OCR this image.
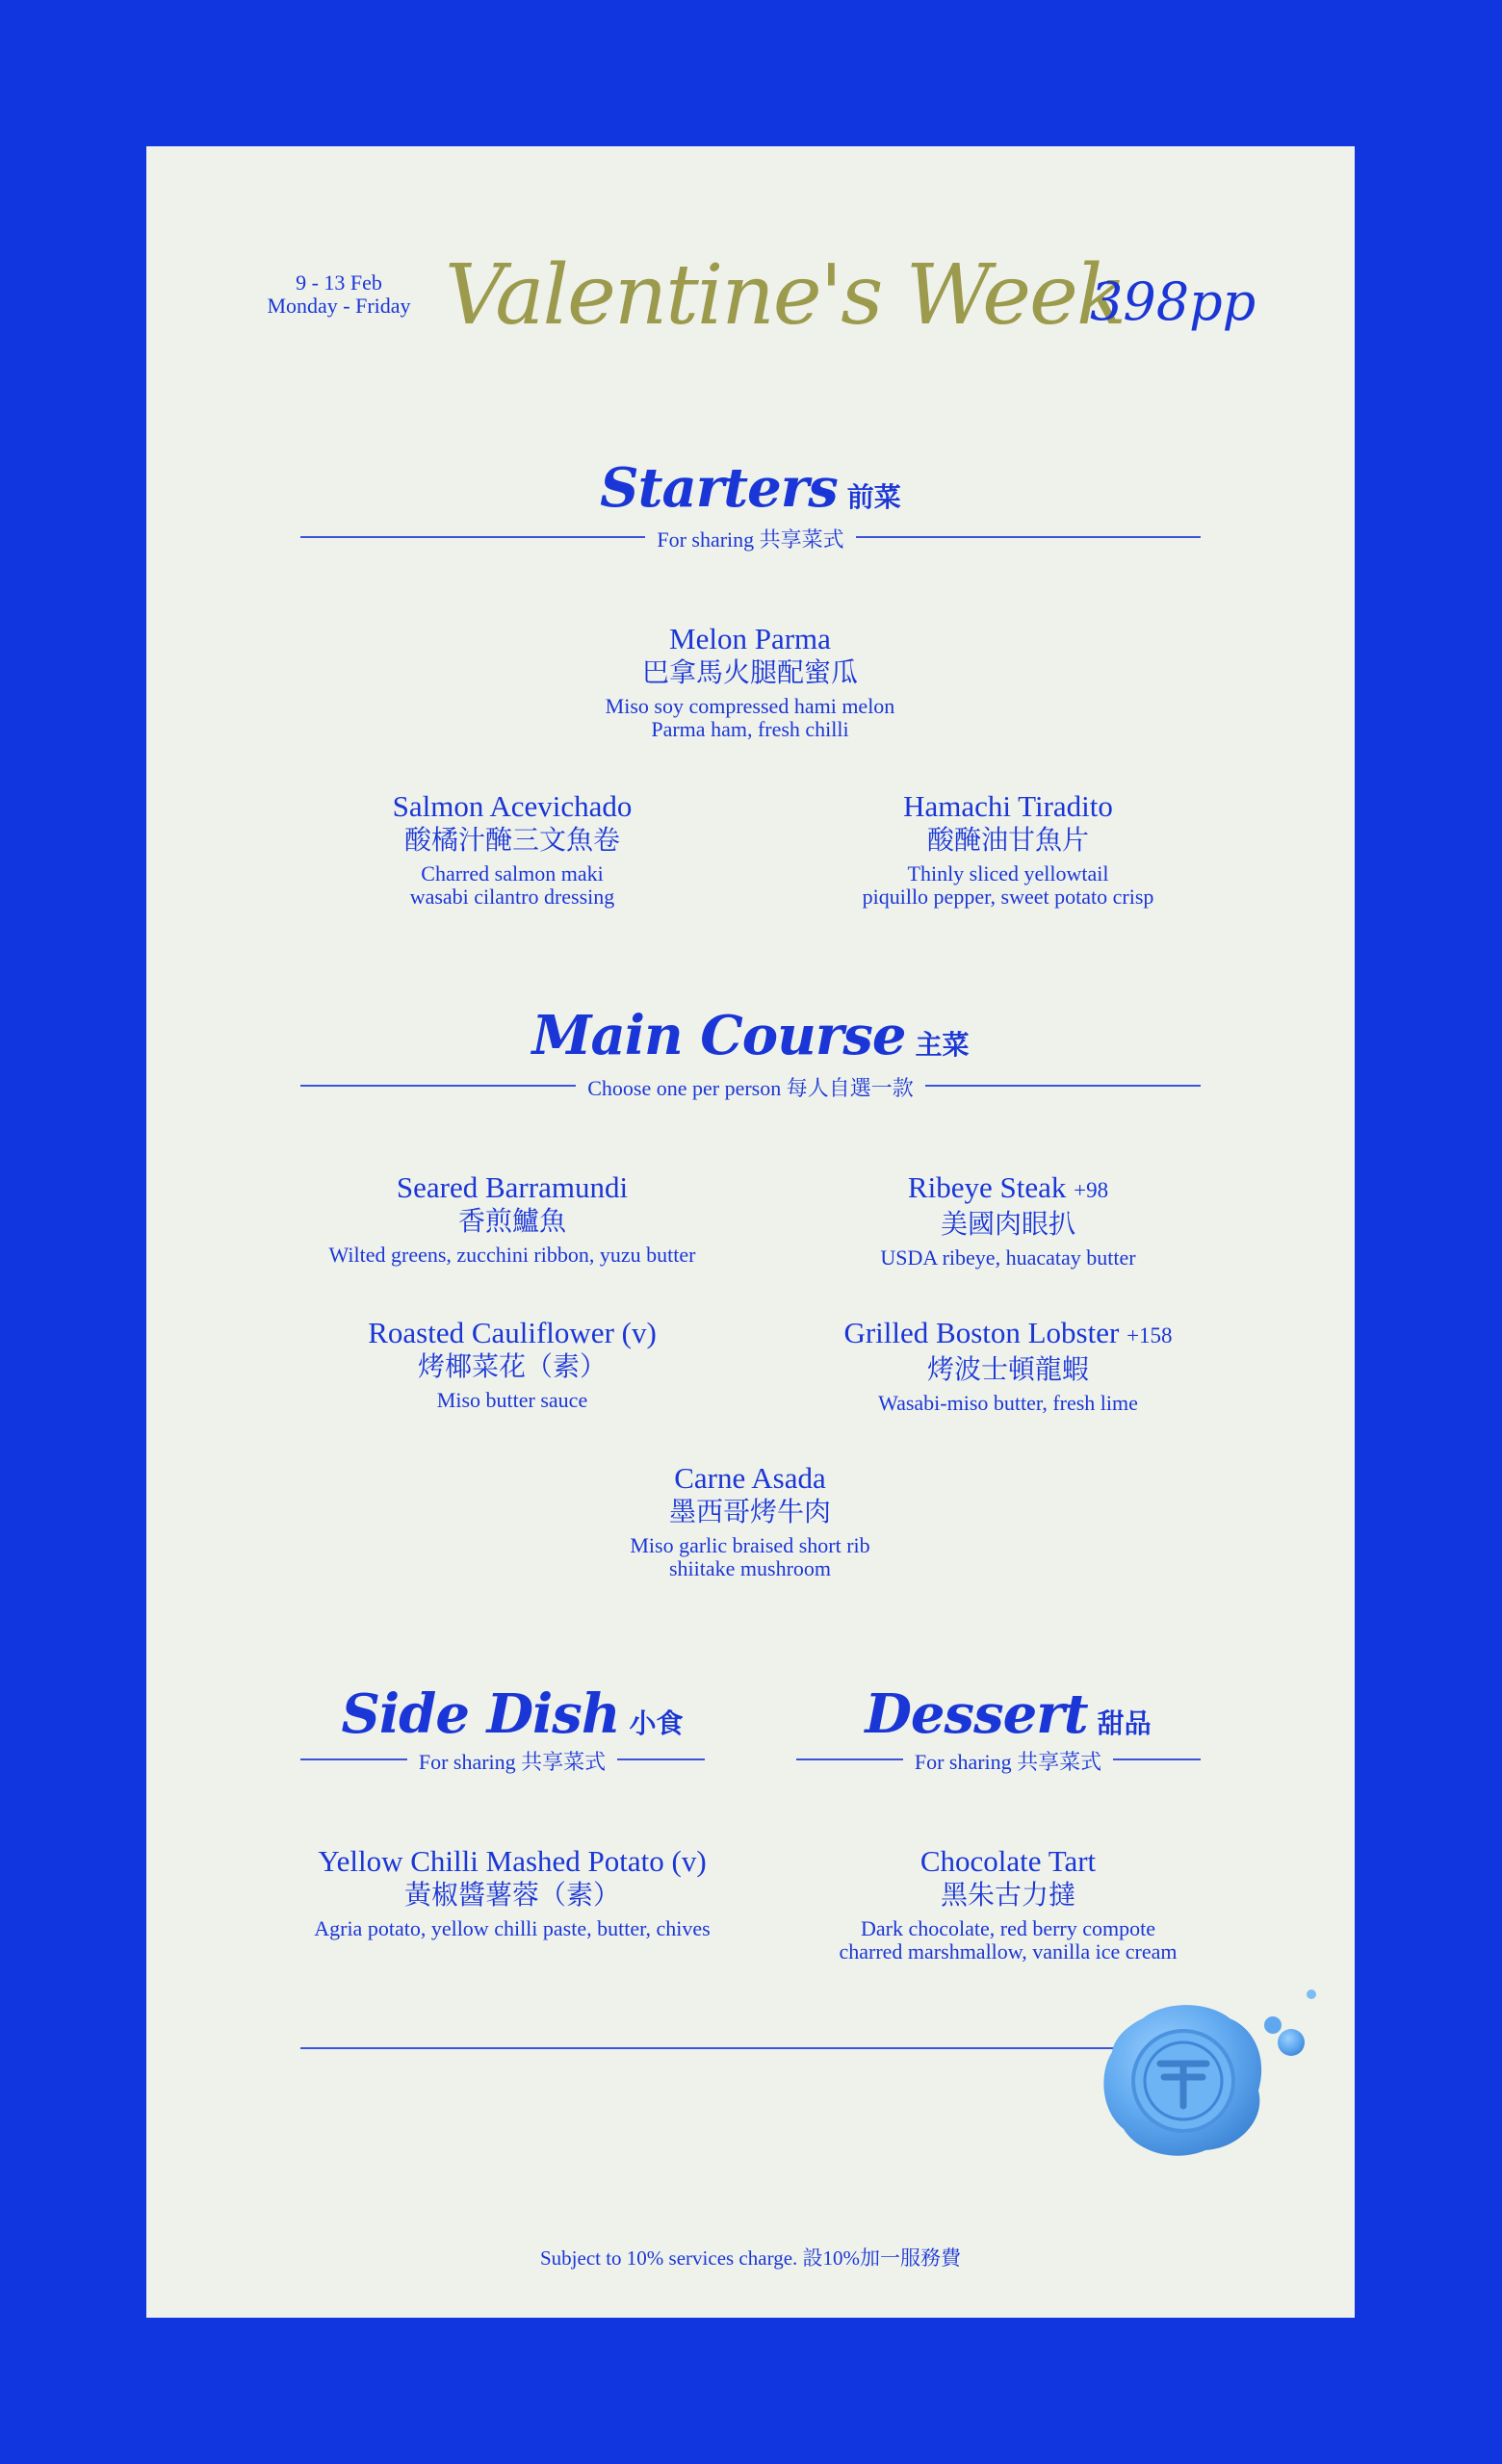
9 - 13 Feb
Monday - Friday Valentine's Week
398pp
Starters 前菜
For sharing 共享菜式
Melon Parma
巴拿馬火腿配蜜瓜
Miso soy compressed hami melon
Parma ham, fresh chilli
Salmon Acevichado
酸橘汁醃三文魚卷
Charred salmon maki
wasabi cilantro dressing
Hamachi Tiradito
酸醃油甘魚片
Thinly sliced yellowtail
piquillo pepper, sweet potato crisp
Main Course 主菜
Choose one per person 每人自選一款
Seared Barramundi
香煎鱸魚
Wilted greens, zucchini ribbon, yuzu butter
Ribeye Steak +98
美國肉眼扒
USDA ribeye, huacatay butter
Roasted Cauliflower (v)
烤椰菜花（素）
Miso butter sauce
Grilled Boston Lobster +158
烤波士頓龍蝦
Wasabi-miso butter, fresh lime
Carne Asada
墨西哥烤牛肉
Miso garlic braised short rib
shiitake mushroom
Side Dish 小食
For sharing 共享菜式
Dessert 甜品
For sharing 共享菜式
Yellow Chilli Mashed Potato (v)
黃椒醬薯蓉（素）
Agria potato, yellow chilli paste, butter, chives
Chocolate Tart
黑朱古力撻
Dark chocolate, red berry compote
charred marshmallow, vanilla ice cream
Subject to 10% services charge. 設10%加一服務費
